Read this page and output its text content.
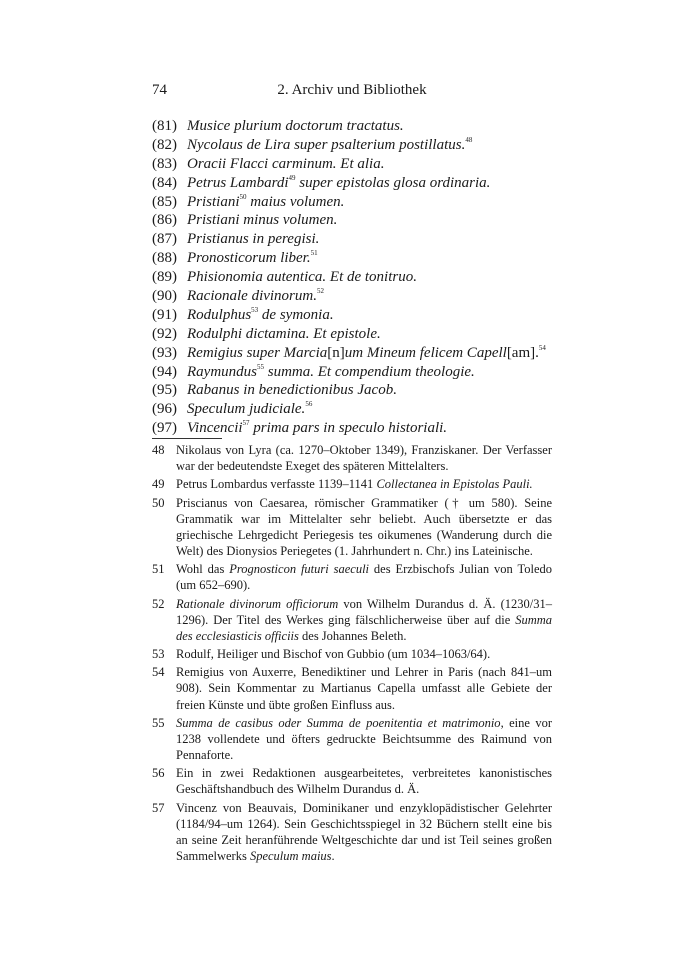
74	2. Archiv und Bibliothek
(81) Musice plurium doctorum tractatus.
(82) Nycolaus de Lira super psalterium postillatus.$^{48}$
(83) Oracii Flacci carminum. Et alia.
(84) Petrus Lambardi$^{49}$ super epistolas glosa ordinaria.
(85) Pristiani$^{50}$ maius volumen.
(86) Pristiani minus volumen.
(87) Pristianus in peregisi.
(88) Pronosticorum liber.$^{51}$
(89) Phisionomia autentica. Et de tonitruo.
(90) Racionale divinorum.$^{52}$
(91) Rodulphus$^{53}$ de symonia.
(92) Rodulphi dictamina. Et epistole.
(93) Remigius super Marcia[n]um Mineum felicem Capell[am].$^{54}$
(94) Raymundus$^{55}$ summa. Et compendium theologie.
(95) Rabanus in benedictionibus Jacob.
(96) Speculum judiciale.$^{56}$
(97) Vincencii$^{57}$ prima pars in speculo historiali.
48 Nikolaus von Lyra (ca. 1270–Oktober 1349), Franziskaner. Der Verfasser war der bedeutendste Exeget des späteren Mittelalters.
49 Petrus Lombardus verfasste 1139–1141 Collectanea in Epistolas Pauli.
50 Priscianus von Caesarea, römischer Grammatiker († um 580). Seine Grammatik war im Mittelalter sehr beliebt. Auch übersetzte er das griechische Lehrgedicht Periegesis tes oikumenes (Wanderung durch die Welt) des Dionysios Periegetes (1. Jahrhundert n. Chr.) ins Lateinische.
51 Wohl das Prognosticon futuri saeculi des Erzbischofs Julian von Toledo (um 652–690).
52 Rationale divinorum officiorum von Wilhelm Durandus d. Ä. (1230/31–1296). Der Titel des Werkes ging fälschlicherweise über auf die Summa des ecclesiasticis officiis des Johannes Beleth.
53 Rodulf, Heiliger und Bischof von Gubbio (um 1034–1063/64).
54 Remigius von Auxerre, Benediktiner und Lehrer in Paris (nach 841–um 908). Sein Kommentar zu Martianus Capella umfasst alle Gebiete der freien Künste und übte großen Einfluss aus.
55 Summa de casibus oder Summa de poenitentia et matrimonio, eine vor 1238 vollendete und öfters gedruckte Beichtsumme des Raimund von Pennaforte.
56 Ein in zwei Redaktionen ausgearbeitetes, verbreitetes kanonistisches Geschäftshandbuch des Wilhelm Durandus d. Ä.
57 Vincenz von Beauvais, Dominikaner und enzyklopädistischer Gelehrter (1184/94–um 1264). Sein Geschichtsspiegel in 32 Büchern stellt eine bis an seine Zeit heranführende Weltgeschichte dar und ist Teil seines großen Sammelwerks Speculum maius.
